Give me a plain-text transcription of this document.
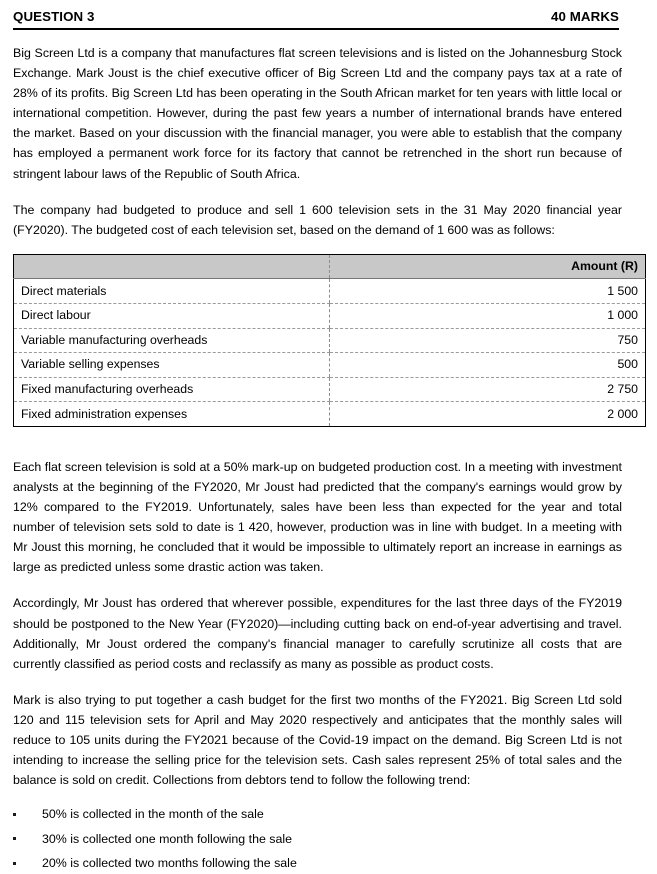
QUESTION 3	40 MARKS

Big Screen Ltd is a company that manufactures flat screen televisions and is listed on the Johannesburg Stock Exchange. Mark Joust is the chief executive officer of Big Screen Ltd and the company pays tax at a rate of 28% of its profits. Big Screen Ltd has been operating in the South African market for ten years with little local or international competition. However, during the past few years a number of international brands have entered the market. Based on your discussion with the financial manager, you were able to establish that the company has employed a permanent work force for its factory that cannot be retrenched in the short run because of stringent labour laws of the Republic of South Africa.

The company had budgeted to produce and sell 1 600 television sets in the 31 May 2020 financial year (FY2020). The budgeted cost of each television set, based on the demand of 1 600 was as follows:

	Amount (R)
Direct materials	1 500
Direct labour	1 000
Variable manufacturing overheads	750
Variable selling expenses	500
Fixed manufacturing overheads	2 750
Fixed administration expenses	2 000

Each flat screen television is sold at a 50% mark-up on budgeted production cost. In a meeting with investment analysts at the beginning of the FY2020, Mr Joust had predicted that the company's earnings would grow by 12% compared to the FY2019. Unfortunately, sales have been less than expected for the year and total number of television sets sold to date is 1 420, however, production was in line with budget. In a meeting with Mr Joust this morning, he concluded that it would be impossible to ultimately report an increase in earnings as large as predicted unless some drastic action was taken.

Accordingly, Mr Joust has ordered that wherever possible, expenditures for the last three days of the FY2019 should be postponed to the New Year (FY2020)—including cutting back on end-of-year advertising and travel. Additionally, Mr Joust ordered the company's financial manager to carefully scrutinize all costs that are currently classified as period costs and reclassify as many as possible as product costs.

Mark is also trying to put together a cash budget for the first two months of the FY2021. Big Screen Ltd sold 120 and 115 television sets for April and May 2020 respectively and anticipates that the monthly sales will reduce to 105 units during the FY2021 because of the Covid-19 impact on the demand. Big Screen Ltd is not intending to increase the selling price for the television sets. Cash sales represent 25% of total sales and the balance is sold on credit. Collections from debtors tend to follow the following trend:

50% is collected in the month of the sale
30% is collected one month following the sale
20% is collected two months following the sale
